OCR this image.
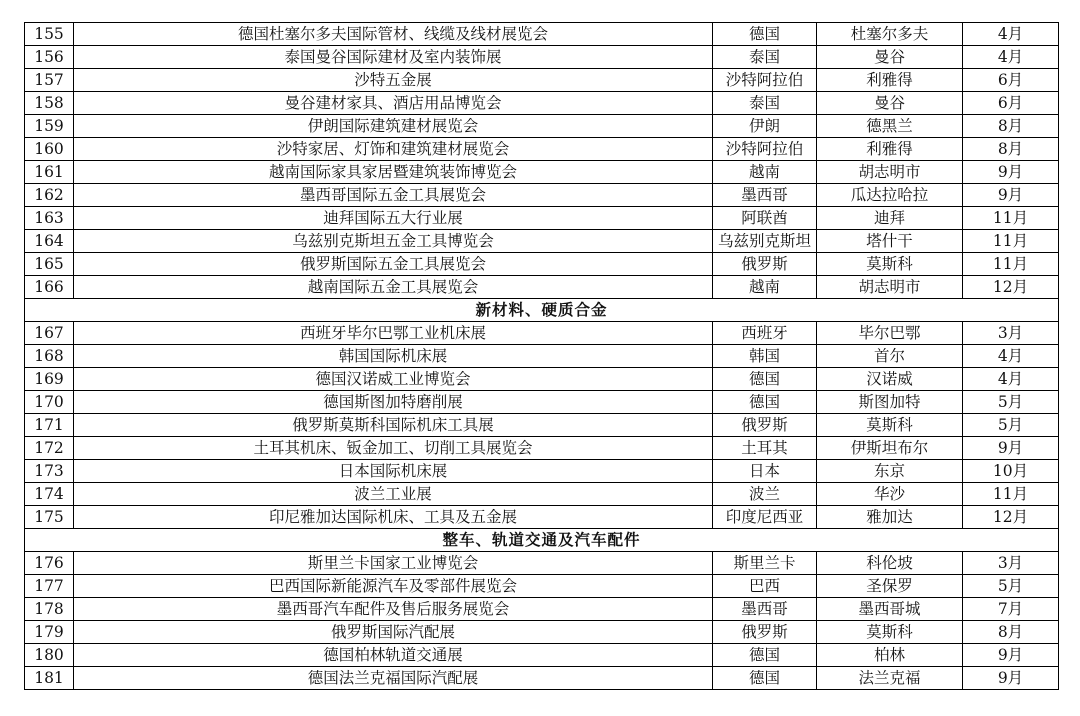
155	德国杜塞尔多夫国际管材、线缆及线材展览会	德国	杜塞尔多夫	4月
156	泰国曼谷国际建材及室内装饰展	泰国	曼谷	4月
157	沙特五金展	沙特阿拉伯	利雅得	6月
158	曼谷建材家具、酒店用品博览会	泰国	曼谷	6月
159	伊朗国际建筑建材展览会	伊朗	德黑兰	8月
160	沙特家居、灯饰和建筑建材展览会	沙特阿拉伯	利雅得	8月
161	越南国际家具家居暨建筑装饰博览会	越南	胡志明市	9月
162	墨西哥国际五金工具展览会	墨西哥	瓜达拉哈拉	9月
163	迪拜国际五大行业展	阿联酋	迪拜	11月
164	乌兹别克斯坦五金工具博览会	乌兹别克斯坦	塔什干	11月
165	俄罗斯国际五金工具展览会	俄罗斯	莫斯科	11月
166	越南国际五金工具展览会	越南	胡志明市	12月
新材料、硬质合金				
167	西班牙毕尔巴鄂工业机床展	西班牙	毕尔巴鄂	3月
168	韩国国际机床展	韩国	首尔	4月
169	德国汉诺威工业博览会	德国	汉诺威	4月
170	德国斯图加特磨削展	德国	斯图加特	5月
171	俄罗斯莫斯科国际机床工具展	俄罗斯	莫斯科	5月
172	土耳其机床、钣金加工、切削工具展览会	土耳其	伊斯坦布尔	9月
173	日本国际机床展	日本	东京	10月
174	波兰工业展	波兰	华沙	11月
175	印尼雅加达国际机床、工具及五金展	印度尼西亚	雅加达	12月
整车、轨道交通及汽车配件				
176	斯里兰卡国家工业博览会	斯里兰卡	科伦坡	3月
177	巴西国际新能源汽车及零部件展览会	巴西	圣保罗	5月
178	墨西哥汽车配件及售后服务展览会	墨西哥	墨西哥城	7月
179	俄罗斯国际汽配展	俄罗斯	莫斯科	8月
180	德国柏林轨道交通展	德国	柏林	9月
181	德国法兰克福国际汽配展	德国	法兰克福	9月
